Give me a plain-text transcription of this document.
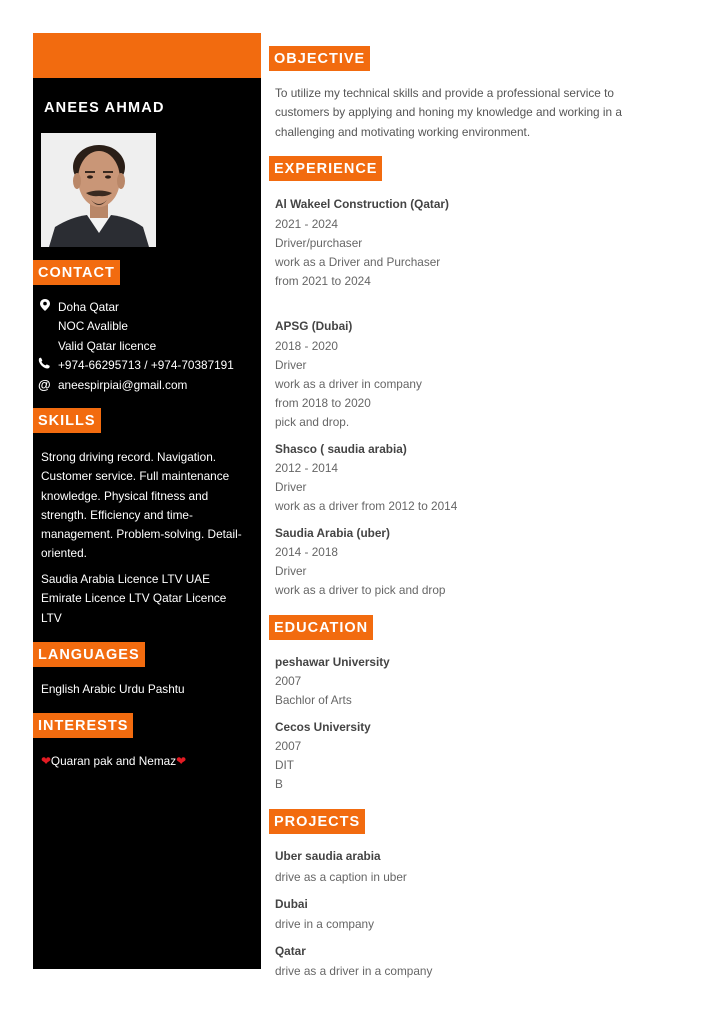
ANEES AHMAD
CONTACT
Doha Qatar
NOC Avalible
Valid Qatar licence
+974-66295713 / +974-70387191
@ aneespirpiai@gmail.com
SKILLS
Strong driving record. Navigation.
Customer service. Full maintenance
knowledge. Physical fitness and
strength. Efficiency and time-
management. Problem-solving. Detail-
oriented.
Saudia Arabia Licence LTV UAE
Emirate Licence LTV Qatar Licence
LTV
LANGUAGES
English Arabic Urdu Pashtu
INTERESTS
❤Quaran pak and Nemaz❤
OBJECTIVE
To utilize my technical skills and provide a professional service to
customers by applying and honing my knowledge and working in a
challenging and motivating working environment.
EXPERIENCE
Al Wakeel Construction (Qatar)
2021 - 2024
Driver/purchaser
work as a Driver and Purchaser
from 2021 to 2024
APSG (Dubai)
2018 - 2020
Driver
work as a driver in company
from 2018 to 2020
pick and drop.
Shasco ( saudia arabia)
2012 - 2014
Driver
work as a driver from 2012 to 2014
Saudia Arabia (uber)
2014 - 2018
Driver
work as a driver to pick and drop
EDUCATION
peshawar University
2007
Bachlor of Arts
Cecos University
2007
DIT
B
PROJECTS
Uber saudia arabia
drive as a caption in uber
Dubai
drive in a company
Qatar
drive as a driver in a company
